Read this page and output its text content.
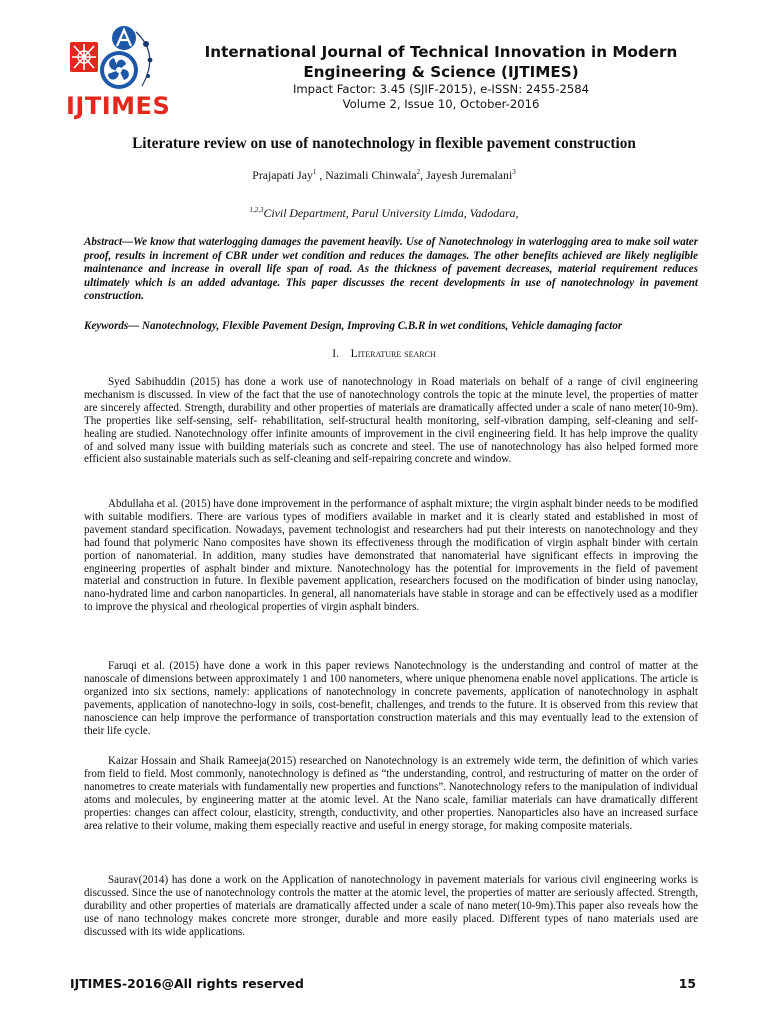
IJTIMES

International Journal of Technical Innovation in Modern

Engineering & Science (IJTIMES)

Impact Factor: 3.45 (SJIF-2015), e-ISSN: 2455-2584

Volume 2, Issue 10, October-2016

Literature review on use of nanotechnology in flexible pavement construction

Prajapati Jay$^1$ , Nazimali Chinwala$^2$, Jayesh Juremalani$^3$

$^{1,2,3}$Civil Department, Parul University Limda, Vadodara,

Abstract—We know that waterlogging damages the pavement heavily. Use of Nanotechnology in waterlogging area to make soil water proof, results in increment of CBR under wet condition and reduces the damages. The other benefits achieved are likely negligible maintenance and increase in overall life span of road. As the thickness of pavement decreases, material requirement reduces ultimately which is an added advantage. This paper discusses the recent developments in use of nanotechnology in pavement construction.

Keywords— Nanotechnology, Flexible Pavement Design, Improving C.B.R in wet conditions, Vehicle damaging factor

I. Literature search

Syed Sabihuddin (2015) has done a work use of nanotechnology in Road materials on behalf of a range of civil engineering mechanism is discussed. In view of the fact that the use of nanotechnology controls the topic at the minute level, the properties of matter are sincerely affected. Strength, durability and other properties of materials are dramatically affected under a scale of nano meter(10-9m). The properties like self-sensing, self- rehabilitation, self-structural health monitoring, self-vibration damping, self-cleaning and self-healing are studied. Nanotechnology offer infinite amounts of improvement in the civil engineering field. It has help improve the quality of and solved many issue with building materials such as concrete and steel. The use of nanotechnology has also helped formed more efficient also sustainable materials such as self-cleaning and self-repairing concrete and window.

Abdullaha et al. (2015) have done improvement in the performance of asphalt mixture; the virgin asphalt binder needs to be modified with suitable modifiers. There are various types of modifiers available in market and it is clearly stated and established in most of pavement standard specification. Nowadays, pavement technologist and researchers had put their interests on nanotechnology and they had found that polymeric Nano composites have shown its effectiveness through the modification of virgin asphalt binder with certain portion of nanomaterial. In addition, many studies have demonstrated that nanomaterial have significant effects in improving the engineering properties of asphalt binder and mixture. Nanotechnology has the potential for improvements in the field of pavement material and construction in future. In flexible pavement application, researchers focused on the modification of binder using nanoclay, nano-hydrated lime and carbon nanoparticles. In general, all nanomaterials have stable in storage and can be effectively used as a modifier to improve the physical and rheological properties of virgin asphalt binders.

Faruqi et al. (2015) have done a work in this paper reviews Nanotechnology is the understanding and control of matter at the nanoscale of dimensions between approximately 1 and 100 nanometers, where unique phenomena enable novel applications. The article is organized into six sections, namely: applications of nanotechnology in concrete pavements, application of nanotechnology in asphalt pavements, application of nanotechno-logy in soils, cost-benefit, challenges, and trends to the future. It is observed from this review that nanoscience can help improve the performance of transportation construction materials and this may eventually lead to the extension of their life cycle.

Kaizar Hossain and Shaik Rameeja(2015) researched on Nanotechnology is an extremely wide term, the definition of which varies from field to field. Most commonly, nanotechnology is defined as “the understanding, control, and restructuring of matter on the order of nanometres to create materials with fundamentally new properties and functions”. Nanotechnology refers to the manipulation of individual atoms and molecules, by engineering matter at the atomic level. At the Nano scale, familiar materials can have dramatically different properties: changes can affect colour, elasticity, strength, conductivity, and other properties. Nanoparticles also have an increased surface area relative to their volume, making them especially reactive and useful in energy storage, for making composite materials.

Saurav(2014) has done a work on the Application of nanotechnology in pavement materials for various civil engineering works is discussed. Since the use of nanotechnology controls the matter at the atomic level, the properties of matter are seriously affected. Strength, durability and other properties of materials are dramatically affected under a scale of nano meter(10-9m).This paper also reveals how the use of nano technology makes concrete more stronger, durable and more easily placed. Different types of nano materials used are discussed with its wide applications.

IJTIMES-2016@All rights reserved	15
